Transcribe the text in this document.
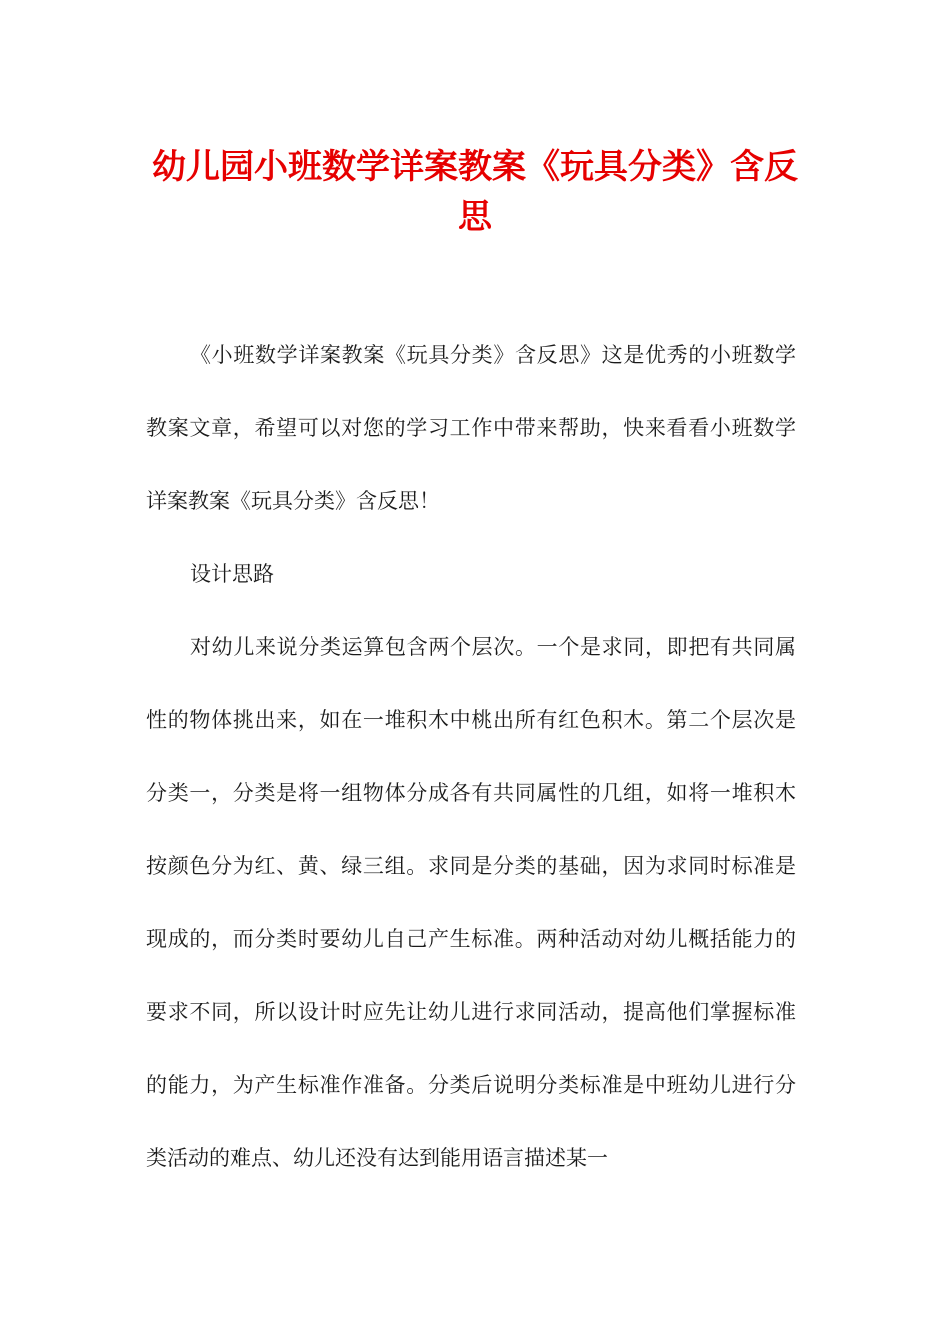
幼儿园小班数学详案教案《玩具分类》含反思

《小班数学详案教案《玩具分类》含反思》这是优秀的小班数学教案文章，希望可以对您的学习工作中带来帮助，快来看看小班数学详案教案《玩具分类》含反思！

设计思路

对幼儿来说分类运算包含两个层次。一个是求同，即把有共同属性的物体挑出来，如在一堆积木中桃出所有红色积木。第二个层次是分类一，分类是将一组物体分成各有共同属性的几组，如将一堆积木按颜色分为红、黄、绿三组。求同是分类的基础，因为求同时标准是现成的，而分类时要幼儿自己产生标准。两种活动对幼儿概括能力的要求不同，所以设计时应先让幼儿进行求同活动，提高他们掌握标准的能力，为产生标准作准备。分类后说明分类标准是中班幼儿进行分类活动的难点、幼儿还没有达到能用语言描述某一
